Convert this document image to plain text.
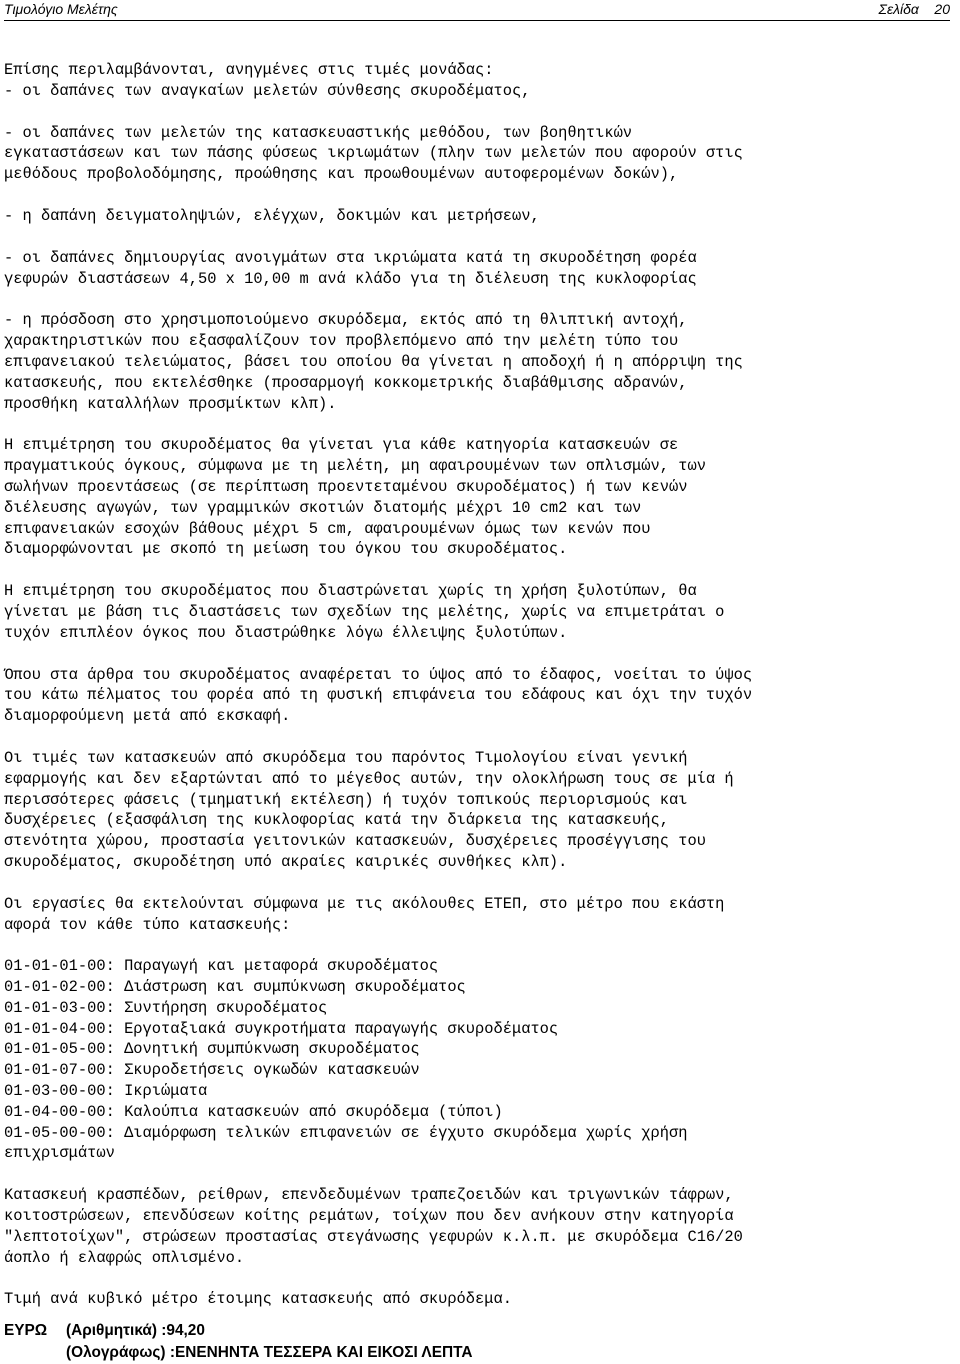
Τιμολόγιο Μελέτης	Σελίδα 20

Επίσης περιλαμβάνονται, ανηγμένες στις τιμές μονάδας:
- οι δαπάνες των αναγκαίων μελετών σύνθεσης σκυροδέματος,

- οι δαπάνες των μελετών της κατασκευαστικής μεθόδου, των βοηθητικών
εγκαταστάσεων και των πάσης φύσεως ικριωμάτων (πλην των μελετών που αφορούν στις
μεθόδους προβολοδόμησης, προώθησης και προωθουμένων αυτοφερομένων δοκών),

- η δαπάνη δειγματοληψιών, ελέγχων, δοκιμών και μετρήσεων,

- οι δαπάνες δημιουργίας ανοιγμάτων στα ικριώματα κατά τη σκυροδέτηση φορέα
γεφυρών διαστάσεων 4,50 x 10,00 m ανά κλάδο για τη διέλευση της κυκλοφορίας

- η πρόσδοση στο χρησιμοποιούμενο σκυρόδεμα, εκτός από τη θλιπτική αντοχή,
χαρακτηριστικών που εξασφαλίζουν τον προβλεπόμενο από την μελέτη τύπο του
επιφανειακού τελειώματος, βάσει του οποίου θα γίνεται η αποδοχή ή η απόρριψη της
κατασκευής, που εκτελέσθηκε (προσαρμογή κοκκομετρικής διαβάθμισης αδρανών,
προσθήκη καταλλήλων προσμίκτων κλπ).

Η επιμέτρηση του σκυροδέματος θα γίνεται για κάθε κατηγορία κατασκευών σε
πραγματικούς όγκους, σύμφωνα με τη μελέτη, μη αφαιρουμένων των οπλισμών, των
σωλήνων προεντάσεως (σε περίπτωση προεντεταμένου σκυροδέματος) ή των κενών
διέλευσης αγωγών, των γραμμικών σκοτιών διατομής μέχρι 10 cm2 και των
επιφανειακών εσοχών βάθους μέχρι 5 cm, αφαιρουμένων όμως των κενών που
διαμορφώνονται με σκοπό τη μείωση του όγκου του σκυροδέματος.

Η επιμέτρηση του σκυροδέματος που διαστρώνεται χωρίς τη χρήση ξυλοτύπων, θα
γίνεται με βάση τις διαστάσεις των σχεδίων της μελέτης, χωρίς να επιμετράται ο
τυχόν επιπλέον όγκος που διαστρώθηκε λόγω έλλειψης ξυλοτύπων.

Όπου στα άρθρα του σκυροδέματος αναφέρεται το ύψος από το έδαφος, νοείται το ύψος
του κάτω πέλματος του φορέα από τη φυσική επιφάνεια του εδάφους και όχι την τυχόν
διαμορφούμενη μετά από εκσκαφή.

Οι τιμές των κατασκευών από σκυρόδεμα του παρόντος Τιμολογίου είναι γενική
εφαρμογής και δεν εξαρτώνται από το μέγεθος αυτών, την ολοκλήρωση τους σε μία ή
περισσότερες φάσεις (τμηματική εκτέλεση) ή τυχόν τοπικούς περιορισμούς και
δυσχέρειες (εξασφάλιση της κυκλοφορίας κατά την διάρκεια της κατασκευής,
στενότητα χώρου, προστασία γειτονικών κατασκευών, δυσχέρειες προσέγγισης του
σκυροδέματος, σκυροδέτηση υπό ακραίες καιρικές συνθήκες κλπ).

Οι εργασίες θα εκτελούνται σύμφωνα με τις ακόλουθες ΕΤΕΠ, στο μέτρο που εκάστη
αφορά τον κάθε τύπο κατασκευής:

01-01-01-00: Παραγωγή και μεταφορά σκυροδέματος
01-01-02-00: Διάστρωση και συμπύκνωση σκυροδέματος
01-01-03-00: Συντήρηση σκυροδέματος
01-01-04-00: Εργοταξιακά συγκροτήματα παραγωγής σκυροδέματος
01-01-05-00: Δονητική συμπύκνωση σκυροδέματος
01-01-07-00: Σκυροδετήσεις ογκωδών κατασκευών
01-03-00-00: Ικριώματα
01-04-00-00: Καλούπια κατασκευών από σκυρόδεμα (τύποι)
01-05-00-00: Διαμόρφωση τελικών επιφανειών σε έγχυτο σκυρόδεμα χωρίς χρήση
επιχρισμάτων

Κατασκευή κρασπέδων, ρείθρων, επενδεδυμένων τραπεζοειδών και τριγωνικών τάφρων,
κοιτοστρώσεων, επενδύσεων κοίτης ρεμάτων, τοίχων που δεν ανήκουν στην κατηγορία
"λεπτοτοίχων", στρώσεων προστασίας στεγάνωσης γεφυρών κ.λ.π. με σκυρόδεμα C16/20
άοπλο ή ελαφρώς οπλισμένο.

Τιμή ανά κυβικό μέτρο έτοιμης κατασκευής από σκυρόδεμα.

ΕΥΡΩ (Αριθμητικά) :94,20
(Ολογράφως) :ΕΝΕΝΗΝΤΑ ΤΕΣΣΕΡΑ ΚΑΙ ΕΙΚΟΣΙ ΛΕΠΤΑ
